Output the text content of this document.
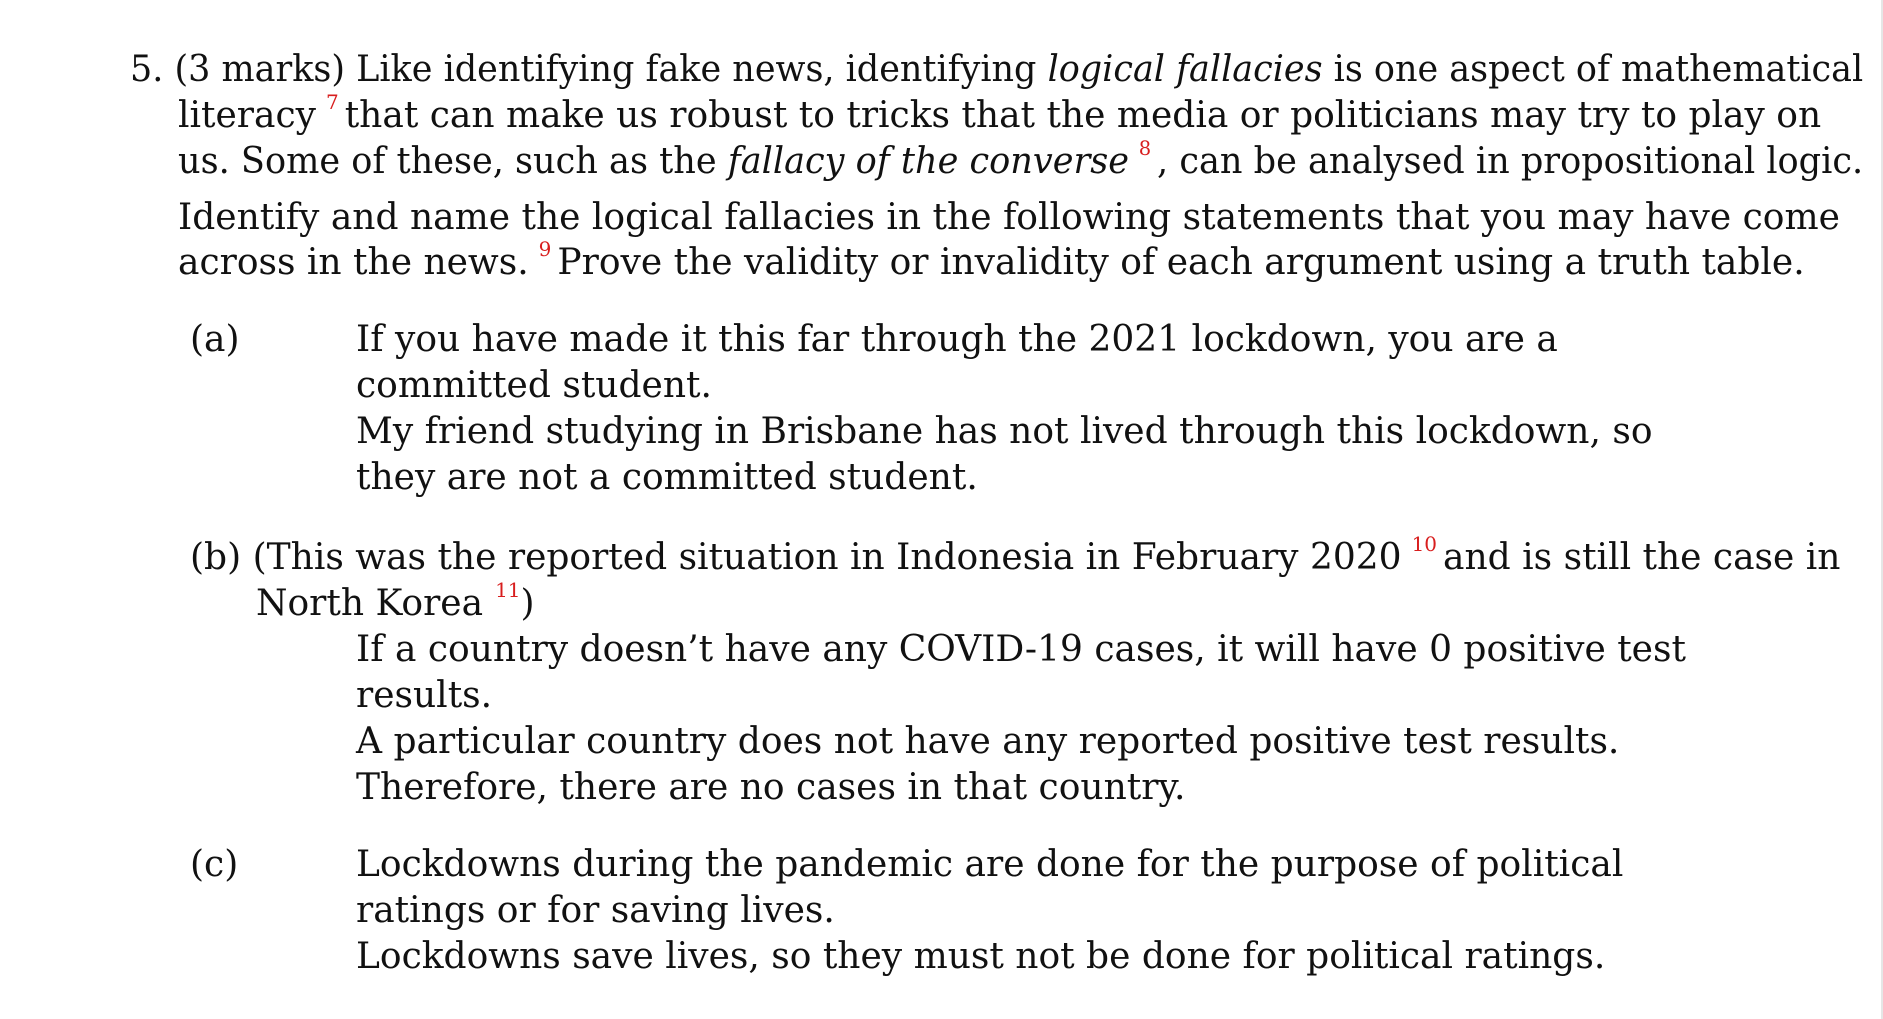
5. (3 marks) Like identifying fake news, identifying logical fallacies is one aspect of mathematical
literacy $^7$ that can make us robust to tricks that the media or politicians may try to play on
us. Some of these, such as the fallacy of the converse $^8$ , can be analysed in propositional logic.
Identify and name the logical fallacies in the following statements that you may have come
across in the news. $^9$ Prove the validity or invalidity of each argument using a truth table.
(a)	If you have made it this far through the 2021 lockdown, you are a
committed student.
My friend studying in Brisbane has not lived through this lockdown, so
they are not a committed student.
(b) (This was the reported situation in Indonesia in February 2020 $^{10}$ and is still the case in
North Korea $^{11}$)
If a country doesn’t have any COVID-19 cases, it will have 0 positive test
results.
A particular country does not have any reported positive test results.
Therefore, there are no cases in that country.
(c)	Lockdowns during the pandemic are done for the purpose of political
ratings or for saving lives.
Lockdowns save lives, so they must not be done for political ratings.
